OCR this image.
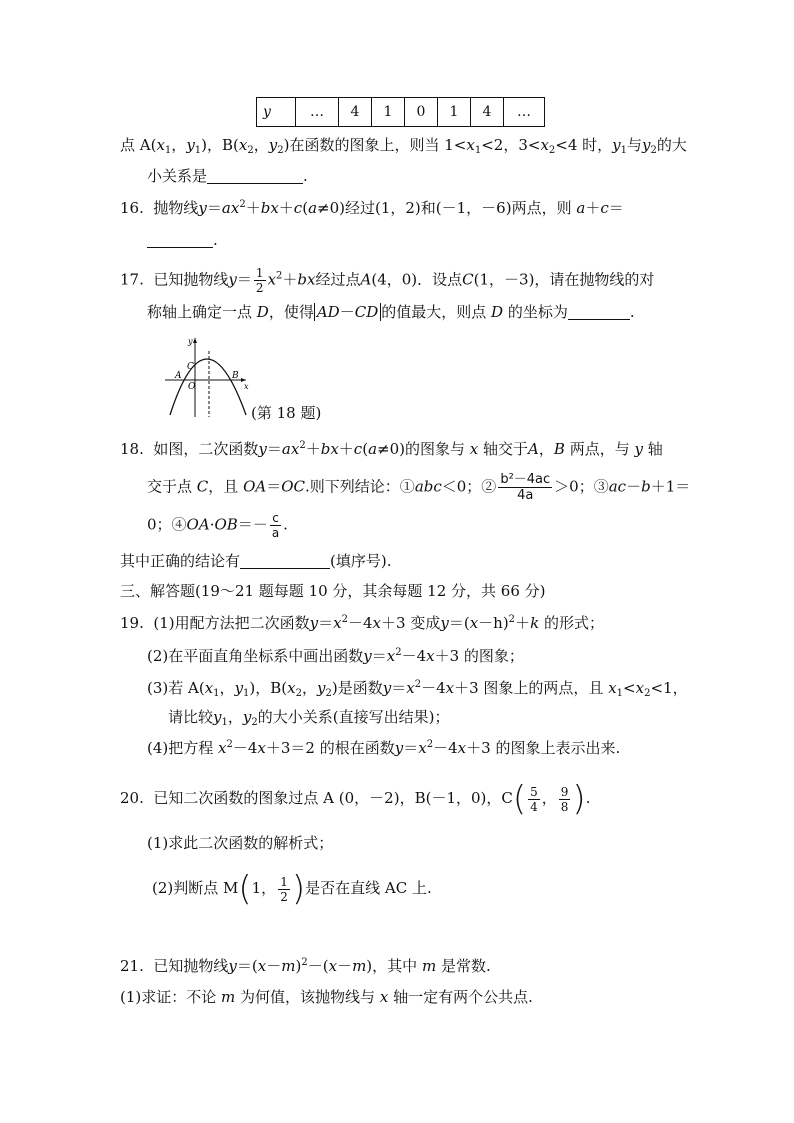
y	…	4	1	0	1	4	…
点 $A(x_1$，$y_1$)，$B(x_2$，$y_2$)在函数的图象上，则当 $1<x_1<2$，$3<x_2<4$ 时，$y_1$与$y_2$的大
小关系是	.
16. 抛物线$y=ax^2+bx+c(a\ne 0)$经过(1，2)和(－1，－6)两点，则 a＋c＝
.
17. 已知抛物线$y= \frac{1}{2} x^2+bx$经过点A(4，0)．设点C(1，－3)，请在抛物线的对
称轴上确定一点 D，使得 AD－CD 的值最大，则点 D 的坐标为	.
y
x
A	B
C
O
(第 18 题)
18. 如图，二次函数$y=ax^2+bx+c(a\ne 0)$的图象与 x 轴交于A，B 两点，与 y 轴
交于点 C，且 OA＝OC.则下列结论：①abc＜0；② $\frac{\text{b²－4ac}}{4a} >0$；③ac－b＋1＝
0；④OA·OB＝－ $\frac{c}{a}$ .
其中正确的结论有	(填序号).
三、解答题(19～21 题每题 10 分，其余每题 12 分，共 66 分)
19. (1)用配方法把二次函数$y=x^2-4x+3$ 变成$y=(x-h)^2+k$ 的形式；
(2)在平面直角坐标系中画出函数$y=x^2-4x+3$ 的图象；
(3)若 $A(x_1$，$y_1$)，$B(x_2$，$y_2$)是函数$y=x^2-4x+3$ 图象上的两点，且 $x_1<x_2<1$，
请比较$y_1$，$y_2$的大小关系(直接写出结果)；
(4)把方程 $x^2-4x+3=2$ 的根在函数$y=x^2-4x+3$ 的图象上表示出来.
20. 已知二次函数的图象过点 A (0，－2)，B(－1，0)，$C( \frac{5}{4}$ ， $\frac{9}{8}$ ).
(1)求此二次函数的解析式；
(2)判断点 M(1， $\frac{1}{2}$ )是否在直线 AC 上.
21. 已知抛物线$y=(x-m)^2-(x-m)$，其中 m 是常数.
(1)求证：不论 m 为何值，该抛物线与 x 轴一定有两个公共点.
